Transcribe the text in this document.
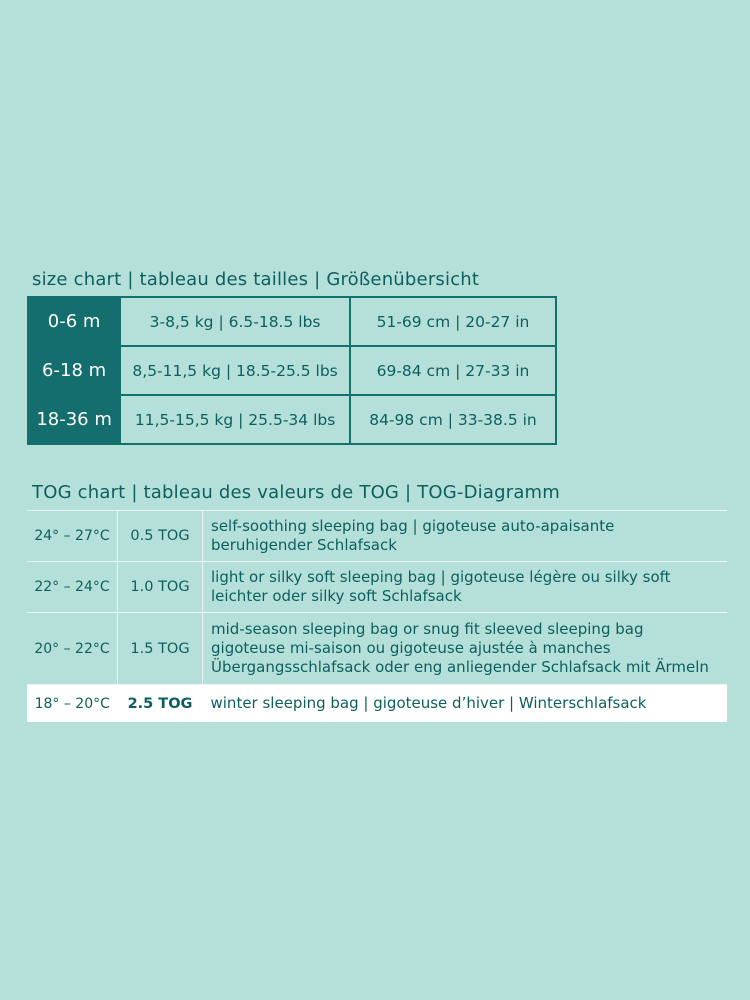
size chart | tableau des tailles | Größenübersicht
0-6 m	3-8,5 kg | 6.5-18.5 lbs	51-69 cm | 20-27 in
6-18 m	8,5-11,5 kg | 18.5-25.5 lbs	69-84 cm | 27-33 in
18-36 m	11,5-15,5 kg | 25.5-34 lbs	84-98 cm | 33-38.5 in
TOG chart | tableau des valeurs de TOG | TOG-Diagramm
24° – 27°C	0.5 TOG	self-soothing sleeping bag | gigoteuse auto-apaisante
beruhigender Schlafsack

22° – 24°C	1.0 TOG	light or silky soft sleeping bag | gigoteuse légère ou silky soft
leichter oder silky soft Schlafsack

20° – 22°C	1.5 TOG	mid-season sleeping bag or snug fit sleeved sleeping bag
gigoteuse mi-saison ou gigoteuse ajustée à manches
Übergangsschlafsack oder eng anliegender Schlafsack mit Ärmeln

18° – 20°C	2.5 TOG	winter sleeping bag | gigoteuse d’hiver | Winterschlafsack
